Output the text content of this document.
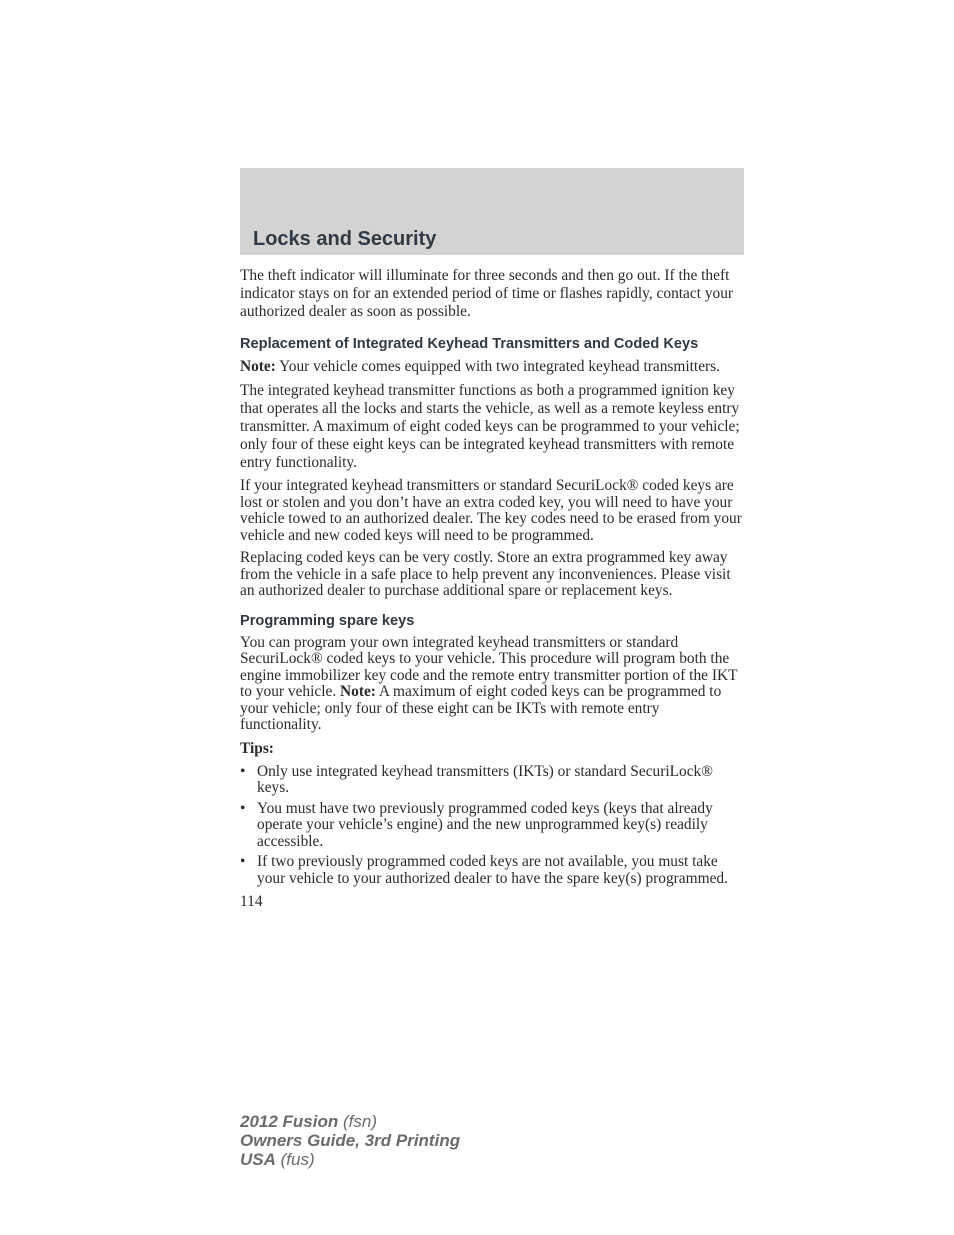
Locks and Security

The theft indicator will illuminate for three seconds and then go out. If the theft indicator stays on for an extended period of time or flashes rapidly, contact your authorized dealer as soon as possible.

Replacement of Integrated Keyhead Transmitters and Coded Keys

Note: Your vehicle comes equipped with two integrated keyhead transmitters.

The integrated keyhead transmitter functions as both a programmed ignition key that operates all the locks and starts the vehicle, as well as a remote keyless entry transmitter. A maximum of eight coded keys can be programmed to your vehicle; only four of these eight keys can be integrated keyhead transmitters with remote entry functionality.

If your integrated keyhead transmitters or standard SecuriLock® coded keys are lost or stolen and you don’t have an extra coded key, you will need to have your vehicle towed to an authorized dealer. The key codes need to be erased from your vehicle and new coded keys will need to be programmed.

Replacing coded keys can be very costly. Store an extra programmed key away from the vehicle in a safe place to help prevent any inconveniences. Please visit an authorized dealer to purchase additional spare or replacement keys.

Programming spare keys

You can program your own integrated keyhead transmitters or standard SecuriLock® coded keys to your vehicle. This procedure will program both the engine immobilizer key code and the remote entry transmitter portion of the IKT to your vehicle. Note: A maximum of eight coded keys can be programmed to your vehicle; only four of these eight can be IKTs with remote entry functionality.

Tips:

• Only use integrated keyhead transmitters (IKTs) or standard SecuriLock® keys.
• You must have two previously programmed coded keys (keys that already operate your vehicle’s engine) and the new unprogrammed key(s) readily accessible.
• If two previously programmed coded keys are not available, you must take your vehicle to your authorized dealer to have the spare key(s) programmed.
114
2012 Fusion (fsn)
Owners Guide, 3rd Printing
USA (fus)
